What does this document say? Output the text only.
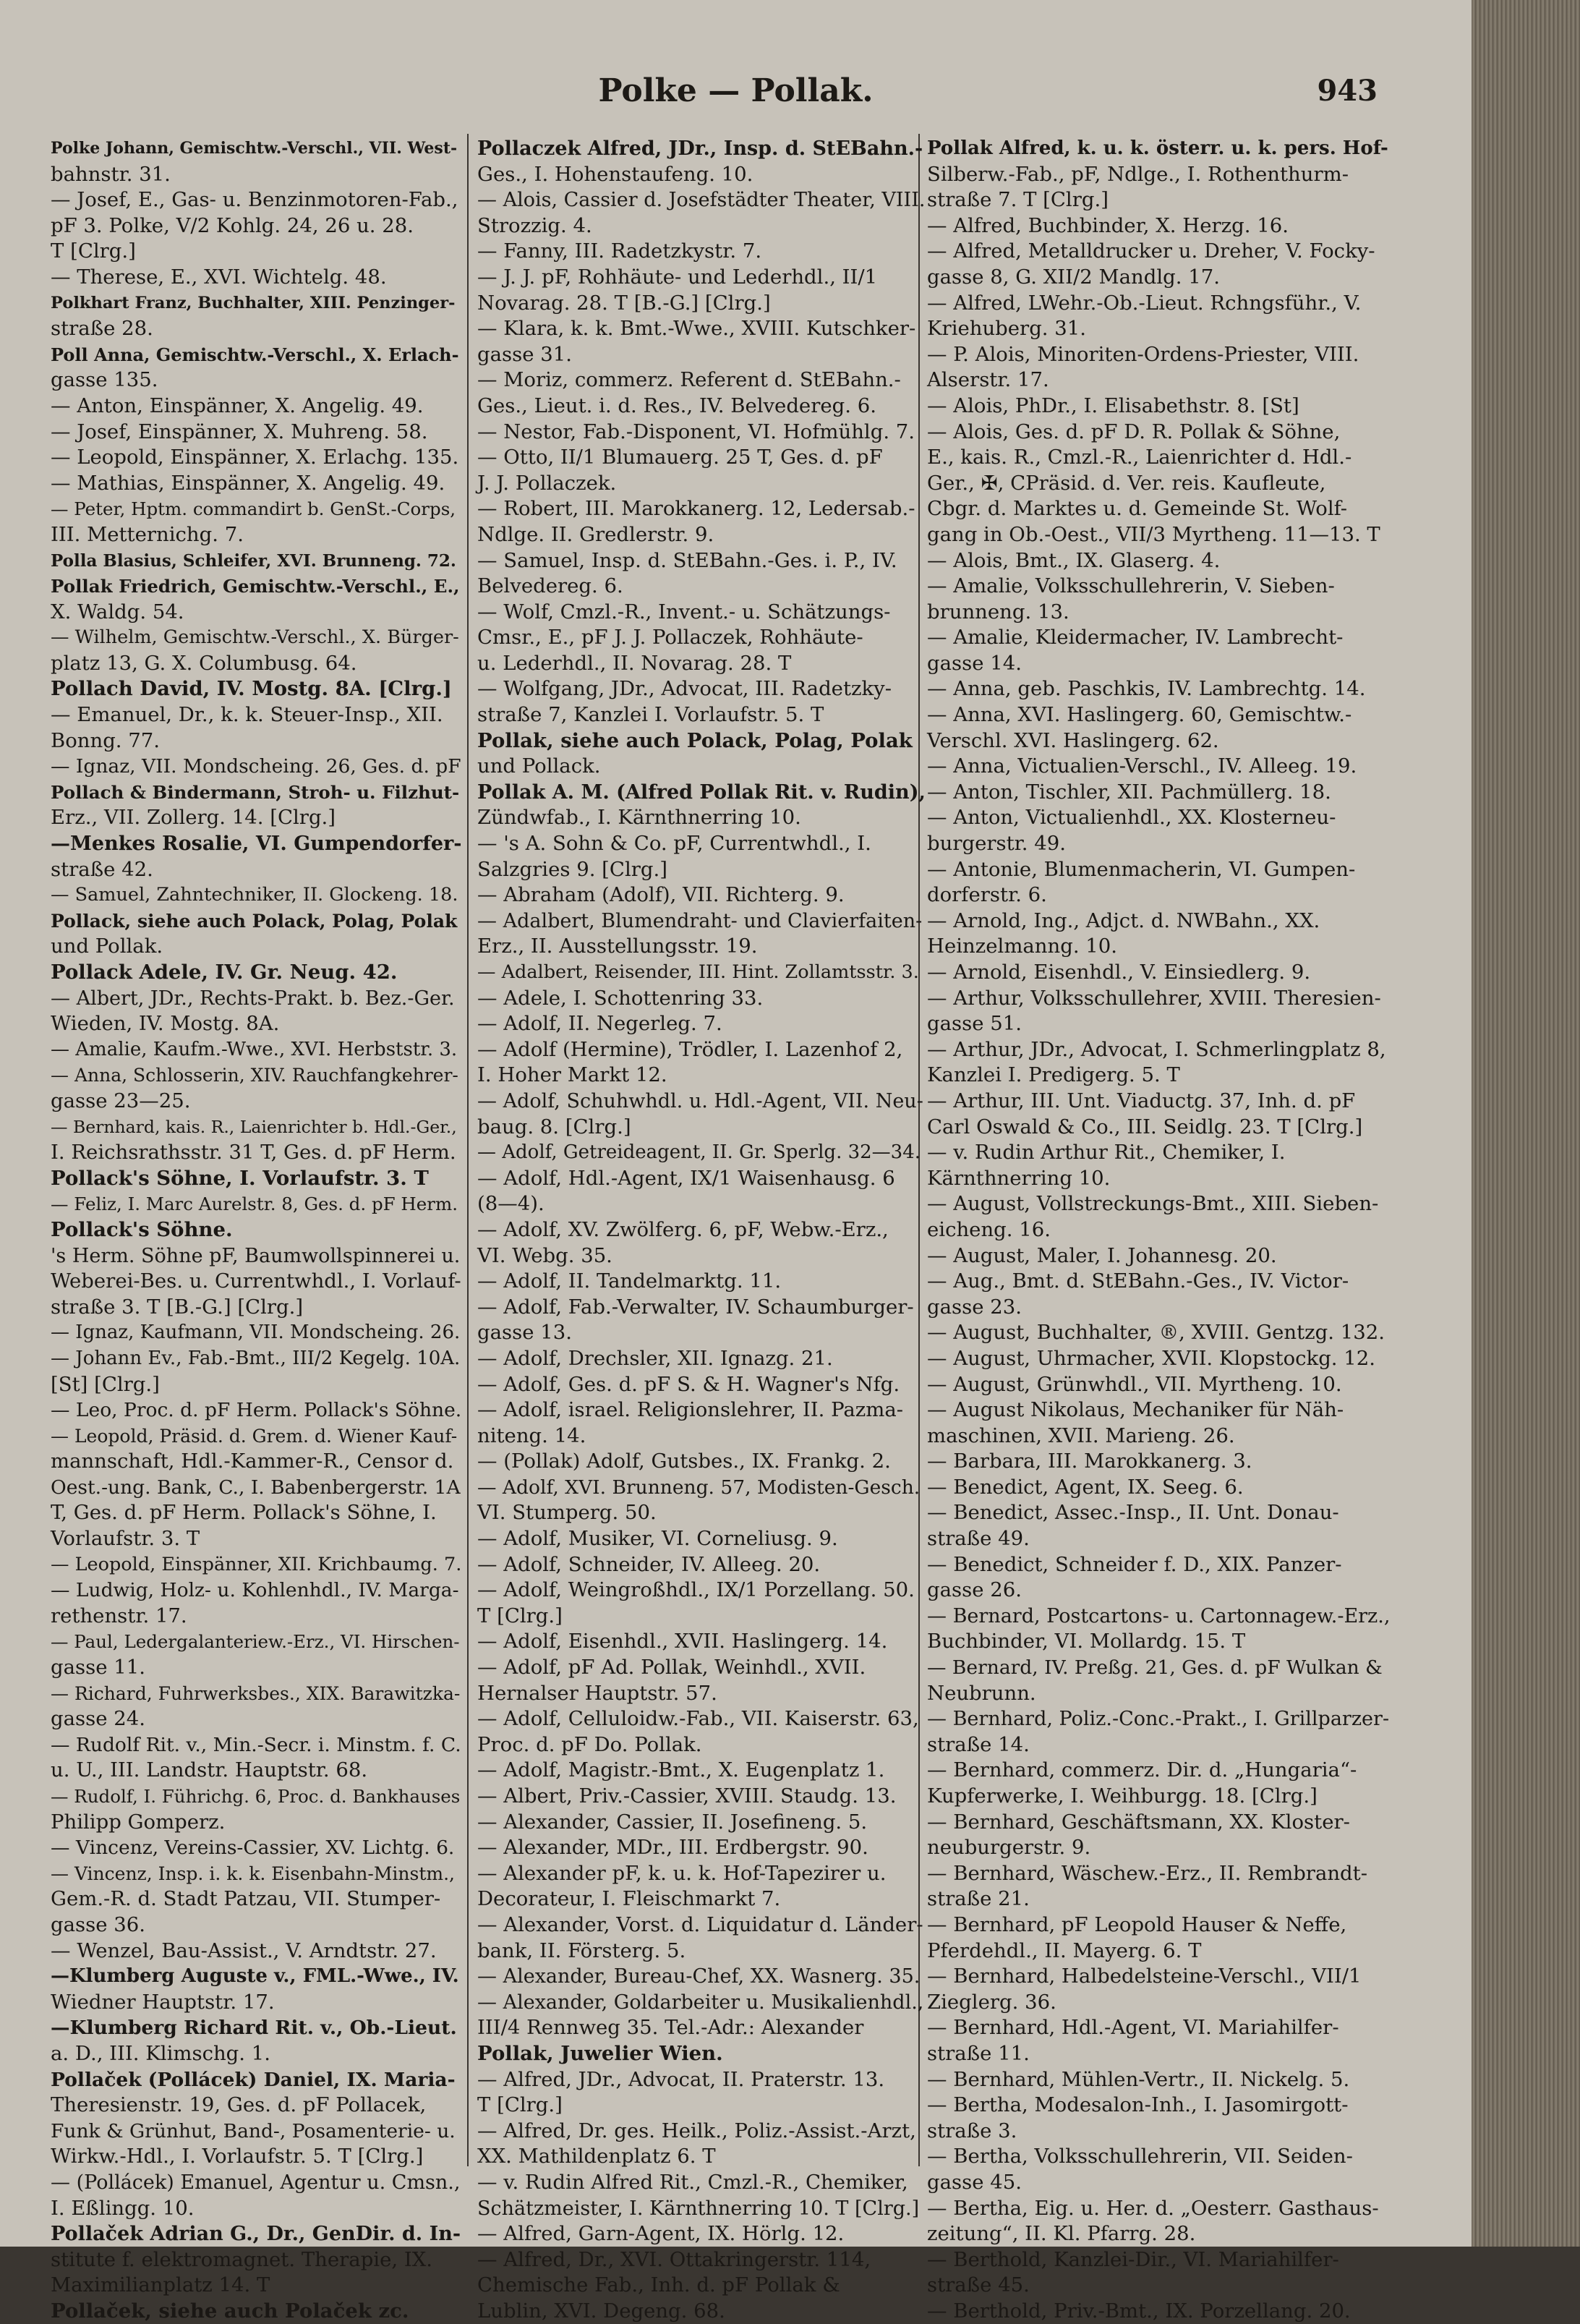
Polke — Pollak.	943
Polke Johann, Gemischtw.-Verschl., VII. West-
bahnstr. 31.
— Josef, E., Gas- u. Benzinmotoren-Fab.,
pF 3. Polke, V/2 Kohlg. 24, 26 u. 28.
T [Clrg.]
— Therese, E., XVI. Wichtelg. 48.
Polkhart Franz, Buchhalter, XIII. Penzinger-
straße 28.
Poll Anna, Gemischtw.-Verschl., X. Erlach-
gasse 135.
— Anton, Einspänner, X. Angelig. 49.
— Josef, Einspänner, X. Muhreng. 58.
— Leopold, Einspänner, X. Erlachg. 135.
— Mathias, Einspänner, X. Angelig. 49.
— Peter, Hptm. commandirt b. GenSt.-Corps,
III. Metternichg. 7.
Polla Blasius, Schleifer, XVI. Brunneng. 72.
Pollak Friedrich, Gemischtw.-Verschl., E.,
X. Waldg. 54.
— Wilhelm, Gemischtw.-Verschl., X. Bürger-
platz 13, G. X. Columbusg. 64.
Pollach David, IV. Mostg. 8A. [Clrg.]
— Emanuel, Dr., k. k. Steuer-Insp., XII.
Bonng. 77.
— Ignaz, VII. Mondscheing. 26, Ges. d. pF
Pollach & Bindermann, Stroh- u. Filzhut-
Erz., VII. Zollerg. 14. [Clrg.]
—Menkes Rosalie, VI. Gumpendorfer-
straße 42.
— Samuel, Zahntechniker, II. Glockeng. 18.
Pollack, siehe auch Polack, Polag, Polak
und Pollak.
Pollack Adele, IV. Gr. Neug. 42.
— Albert, JDr., Rechts-Prakt. b. Bez.-Ger.
Wieden, IV. Mostg. 8A.
— Amalie, Kaufm.-Wwe., XVI. Herbststr. 3.
— Anna, Schlosserin, XIV. Rauchfangkehrer-
gasse 23—25.
— Bernhard, kais. R., Laienrichter b. Hdl.-Ger.,
I. Reichsrathsstr. 31 T, Ges. d. pF Herm.
Pollack's Söhne, I. Vorlaufstr. 3. T
— Feliz, I. Marc Aurelstr. 8, Ges. d. pF Herm.
Pollack's Söhne.
's Herm. Söhne pF, Baumwollspinnerei u.
Weberei-Bes. u. Currentwhdl., I. Vorlauf-
straße 3. T [B.-G.] [Clrg.]
— Ignaz, Kaufmann, VII. Mondscheing. 26.
— Johann Ev., Fab.-Bmt., III/2 Kegelg. 10A.
[St] [Clrg.]
— Leo, Proc. d. pF Herm. Pollack's Söhne.
— Leopold, Präsid. d. Grem. d. Wiener Kauf-
mannschaft, Hdl.-Kammer-R., Censor d.
Oest.-ung. Bank, C., I. Babenbergerstr. 1A
T, Ges. d. pF Herm. Pollack's Söhne, I.
Vorlaufstr. 3. T
— Leopold, Einspänner, XII. Krichbaumg. 7.
— Ludwig, Holz- u. Kohlenhdl., IV. Marga-
rethenstr. 17.
— Paul, Ledergalanteriew.-Erz., VI. Hirschen-
gasse 11.
— Richard, Fuhrwerksbes., XIX. Barawitzka-
gasse 24.
— Rudolf Rit. v., Min.-Secr. i. Minstm. f. C.
u. U., III. Landstr. Hauptstr. 68.
— Rudolf, I. Führichg. 6, Proc. d. Bankhauses
Philipp Gomperz.
— Vincenz, Vereins-Cassier, XV. Lichtg. 6.
— Vincenz, Insp. i. k. k. Eisenbahn-Minstm.,
Gem.-R. d. Stadt Patzau, VII. Stumper-
gasse 36.
— Wenzel, Bau-Assist., V. Arndtstr. 27.
—Klumberg Auguste v., FML.-Wwe., IV.
Wiedner Hauptstr. 17.
—Klumberg Richard Rit. v., Ob.-Lieut.
a. D., III. Klimschg. 1.
Pollaček (Pollácek) Daniel, IX. Maria-
Theresienstr. 19, Ges. d. pF Pollacek,
Funk & Grünhut, Band-, Posamenterie- u.
Wirkw.-Hdl., I. Vorlaufstr. 5. T [Clrg.]
— (Pollácek) Emanuel, Agentur u. Cmsn.,
I. Eßlingg. 10.
Pollaček Adrian G., Dr., GenDir. d. In-
stitute f. elektromagnet. Therapie, IX.
Maximilianplatz 14. T
Pollaček, siehe auch Polaček zc.
Pollaczek Alfred, JDr., Insp. d. StEBahn.-
Ges., I. Hohenstaufeng. 10.
— Alois, Cassier d. Josefstädter Theater, VIII.
Strozzig. 4.
— Fanny, III. Radetzkystr. 7.
— J. J. pF, Rohhäute- und Lederhdl., II/1
Novarag. 28. T [B.-G.] [Clrg.]
— Klara, k. k. Bmt.-Wwe., XVIII. Kutschker-
gasse 31.
— Moriz, commerz. Referent d. StEBahn.-
Ges., Lieut. i. d. Res., IV. Belvedereg. 6.
— Nestor, Fab.-Disponent, VI. Hofmühlg. 7.
— Otto, II/1 Blumauerg. 25 T, Ges. d. pF
J. J. Pollaczek.
— Robert, III. Marokkanerg. 12, Ledersab.-
Ndlge. II. Gredlerstr. 9.
— Samuel, Insp. d. StEBahn.-Ges. i. P., IV.
Belvedereg. 6.
— Wolf, Cmzl.-R., Invent.- u. Schätzungs-
Cmsr., E., pF J. J. Pollaczek, Rohhäute-
u. Lederhdl., II. Novarag. 28. T
— Wolfgang, JDr., Advocat, III. Radetzky-
straße 7, Kanzlei I. Vorlaufstr. 5. T
Pollak, siehe auch Polack, Polag, Polak
und Pollack.
Pollak A. M. (Alfred Pollak Rit. v. Rudin),
Zündwfab., I. Kärnthnerring 10.
— 's A. Sohn & Co. pF, Currentwhdl., I.
Salzgries 9. [Clrg.]
— Abraham (Adolf), VII. Richterg. 9.
— Adalbert, Blumendraht- und Clavierfaiten-
Erz., II. Ausstellungsstr. 19.
— Adalbert, Reisender, III. Hint. Zollamtsstr. 3.
— Adele, I. Schottenring 33.
— Adolf, II. Negerleg. 7.
— Adolf (Hermine), Trödler, I. Lazenhof 2,
I. Hoher Markt 12.
— Adolf, Schuhwhdl. u. Hdl.-Agent, VII. Neu-
baug. 8. [Clrg.]
— Adolf, Getreideagent, II. Gr. Sperlg. 32—34.
— Adolf, Hdl.-Agent, IX/1 Waisenhausg. 6
(8—4).
— Adolf, XV. Zwölferg. 6, pF, Webw.-Erz.,
VI. Webg. 35.
— Adolf, II. Tandelmarktg. 11.
— Adolf, Fab.-Verwalter, IV. Schaumburger-
gasse 13.
— Adolf, Drechsler, XII. Ignazg. 21.
— Adolf, Ges. d. pF S. & H. Wagner's Nfg.
— Adolf, israel. Religionslehrer, II. Pazma-
niteng. 14.
— (Pollak) Adolf, Gutsbes., IX. Frankg. 2.
— Adolf, XVI. Brunneng. 57, Modisten-Gesch.
VI. Stumperg. 50.
— Adolf, Musiker, VI. Corneliusg. 9.
— Adolf, Schneider, IV. Alleeg. 20.
— Adolf, Weingroßhdl., IX/1 Porzellang. 50.
T [Clrg.]
— Adolf, Eisenhdl., XVII. Haslingerg. 14.
— Adolf, pF Ad. Pollak, Weinhdl., XVII.
Hernalser Hauptstr. 57.
— Adolf, Celluloidw.-Fab., VII. Kaiserstr. 63,
Proc. d. pF Do. Pollak.
— Adolf, Magistr.-Bmt., X. Eugenplatz 1.
— Albert, Priv.-Cassier, XVIII. Staudg. 13.
— Alexander, Cassier, II. Josefineng. 5.
— Alexander, MDr., III. Erdbergstr. 90.
— Alexander pF, k. u. k. Hof-Tapezirer u.
Decorateur, I. Fleischmarkt 7.
— Alexander, Vorst. d. Liquidatur d. Länder-
bank, II. Försterg. 5.
— Alexander, Bureau-Chef, XX. Wasnerg. 35.
— Alexander, Goldarbeiter u. Musikalienhdl.,
III/4 Rennweg 35. Tel.-Adr.: Alexander
Pollak, Juwelier Wien.
— Alfred, JDr., Advocat, II. Praterstr. 13.
T [Clrg.]
— Alfred, Dr. ges. Heilk., Poliz.-Assist.-Arzt,
XX. Mathildenplatz 6. T
— v. Rudin Alfred Rit., Cmzl.-R., Chemiker,
Schätzmeister, I. Kärnthnerring 10. T [Clrg.]
— Alfred, Garn-Agent, IX. Hörlg. 12.
— Alfred, Dr., XVI. Ottakringerstr. 114,
Chemische Fab., Inh. d. pF Pollak &
Lublin, XVI. Degeng. 68.
Pollak Alfred, k. u. k. österr. u. k. pers. Hof-
Silberw.-Fab., pF, Ndlge., I. Rothenthurm-
straße 7. T [Clrg.]
— Alfred, Buchbinder, X. Herzg. 16.
— Alfred, Metalldrucker u. Dreher, V. Focky-
gasse 8, G. XII/2 Mandlg. 17.
— Alfred, LWehr.-Ob.-Lieut. Rchngsführ., V.
Kriehuberg. 31.
— P. Alois, Minoriten-Ordens-Priester, VIII.
Alserstr. 17.
— Alois, PhDr., I. Elisabethstr. 8. [St]
— Alois, Ges. d. pF D. R. Pollak & Söhne,
E., kais. R., Cmzl.-R., Laienrichter d. Hdl.-
Ger., ✠, CPräsid. d. Ver. reis. Kaufleute,
Cbgr. d. Marktes u. d. Gemeinde St. Wolf-
gang in Ob.-Oest., VII/3 Myrtheng. 11—13. T
— Alois, Bmt., IX. Glaserg. 4.
— Amalie, Volksschullehrerin, V. Sieben-
brunneng. 13.
— Amalie, Kleidermacher, IV. Lambrecht-
gasse 14.
— Anna, geb. Paschkis, IV. Lambrechtg. 14.
— Anna, XVI. Haslingerg. 60, Gemischtw.-
Verschl. XVI. Haslingerg. 62.
— Anna, Victualien-Verschl., IV. Alleeg. 19.
— Anton, Tischler, XII. Pachmüllerg. 18.
— Anton, Victualienhdl., XX. Klosterneu-
burgerstr. 49.
— Antonie, Blumenmacherin, VI. Gumpen-
dorferstr. 6.
— Arnold, Ing., Adjct. d. NWBahn., XX.
Heinzelmanng. 10.
— Arnold, Eisenhdl., V. Einsiedlerg. 9.
— Arthur, Volksschullehrer, XVIII. Theresien-
gasse 51.
— Arthur, JDr., Advocat, I. Schmerlingplatz 8,
Kanzlei I. Predigerg. 5. T
— Arthur, III. Unt. Viaductg. 37, Inh. d. pF
Carl Oswald & Co., III. Seidlg. 23. T [Clrg.]
— v. Rudin Arthur Rit., Chemiker, I.
Kärnthnerring 10.
— August, Vollstreckungs-Bmt., XIII. Sieben-
eicheng. 16.
— August, Maler, I. Johannesg. 20.
— Aug., Bmt. d. StEBahn.-Ges., IV. Victor-
gasse 23.
— August, Buchhalter, ®, XVIII. Gentzg. 132.
— August, Uhrmacher, XVII. Klopstockg. 12.
— August, Grünwhdl., VII. Myrtheng. 10.
— August Nikolaus, Mechaniker für Näh-
maschinen, XVII. Marieng. 26.
— Barbara, III. Marokkanerg. 3.
— Benedict, Agent, IX. Seeg. 6.
— Benedict, Assec.-Insp., II. Unt. Donau-
straße 49.
— Benedict, Schneider f. D., XIX. Panzer-
gasse 26.
— Bernard, Postcartons- u. Cartonnagew.-Erz.,
Buchbinder, VI. Mollardg. 15. T
— Bernard, IV. Preßg. 21, Ges. d. pF Wulkan &
Neubrunn.
— Bernhard, Poliz.-Conc.-Prakt., I. Grillparzer-
straße 14.
— Bernhard, commerz. Dir. d. „Hungaria“-
Kupferwerke, I. Weihburgg. 18. [Clrg.]
— Bernhard, Geschäftsmann, XX. Kloster-
neuburgerstr. 9.
— Bernhard, Wäschew.-Erz., II. Rembrandt-
straße 21.
— Bernhard, pF Leopold Hauser & Neffe,
Pferdehdl., II. Mayerg. 6. T
— Bernhard, Halbedelsteine-Verschl., VII/1
Zieglerg. 36.
— Bernhard, Hdl.-Agent, VI. Mariahilfer-
straße 11.
— Bernhard, Mühlen-Vertr., II. Nickelg. 5.
— Bertha, Modesalon-Inh., I. Jasomirgott-
straße 3.
— Bertha, Volksschullehrerin, VII. Seiden-
gasse 45.
— Bertha, Eig. u. Her. d. „Oesterr. Gasthaus-
zeitung“, II. Kl. Pfarrg. 28.
— Berthold, Kanzlei-Dir., VI. Mariahilfer-
straße 45.
— Berthold, Priv.-Bmt., IX. Porzellang. 20.
